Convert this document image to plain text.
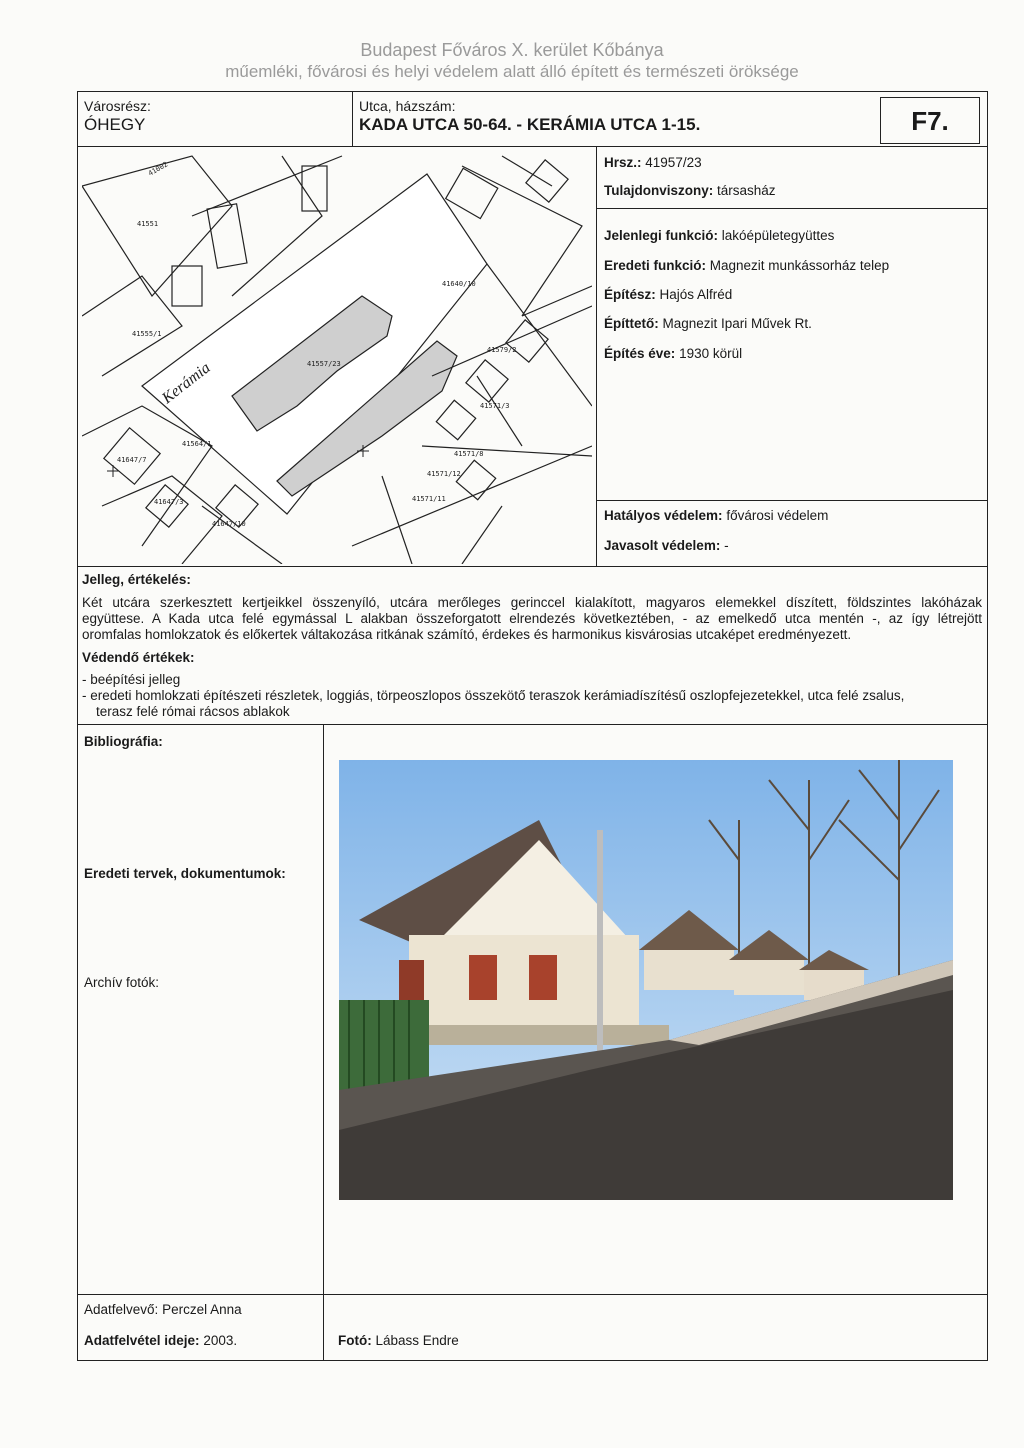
Budapest Főváros X. kerület Kőbánya
műemléki, fővárosi és helyi védelem alatt álló épített és természeti öröksége
Városrész:
ÓHEGY
Utca, házszám:
KADA UTCA 50-64. - KERÁMIA UTCA 1-15.	F7.
41002
41551
41555/1
41557/23
41564/1
41647/10
41647/7
41647/3
41640/10
41571/3
41571/8
41571/12
41579/2
41571/11
Kerámia
Hrsz.: 41957/23
Tulajdonviszony: társasház
Jelenlegi funkció: lakóépületegyüttes
Eredeti funkció: Magnezit munkássorház telep
Építész: Hajós Alfréd
Építtető: Magnezit Ipari Művek Rt.
Építés éve: 1930 körül
Hatályos védelem: fővárosi védelem
Javasolt védelem: -
Jelleg, értékelés:
Két utcára szerkesztett kertjeikkel összenyíló, utcára merőleges gerinccel kialakított, magyaros elemekkel díszített, földszintes lakóházak
együttese. A Kada utca felé egymással L alakban összeforgatott elrendezés következtében, - az emelkedő utca mentén -, az így létrejött
oromfalas homlokzatok és előkertek váltakozása ritkának számító, érdekes és harmonikus kisvárosias utcaképet eredményezett.
Védendő értékek:
- beépítési jelleg
- eredeti homlokzati építészeti részletek, loggiás, törpeoszlopos összekötő teraszok kerámiadíszítésű oszlopfejezetekkel, utca felé zsalus,
terasz felé római rácsos ablakok
Bibliográfia:
Eredeti tervek, dokumentumok:
Archív fotók:
Adatfelvevő: Perczel Anna
Adatfelvétel ideje: 2003.	Fotó: Lábass Endre
